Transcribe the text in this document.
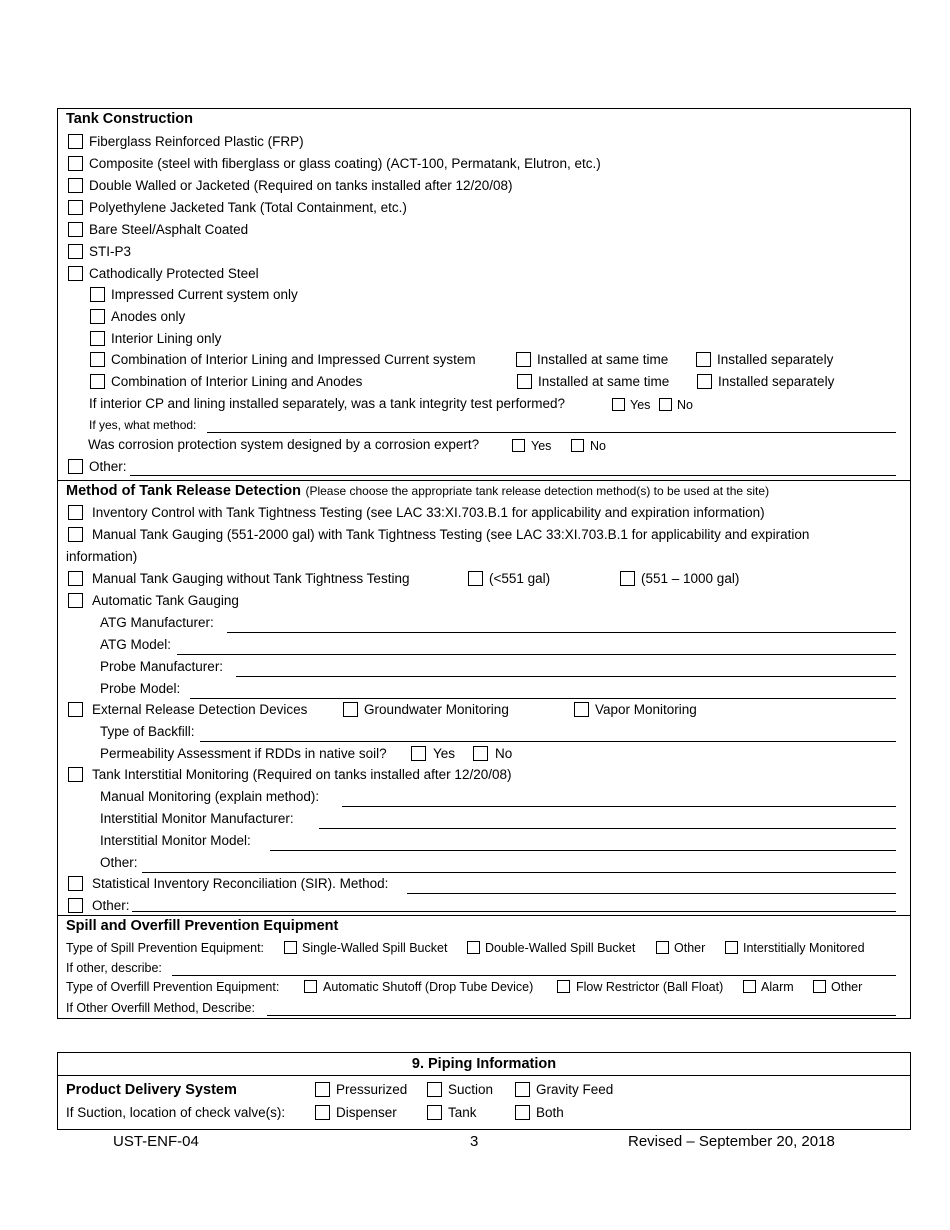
Tank Construction
Fiberglass Reinforced Plastic (FRP)
Composite (steel with fiberglass or glass coating) (ACT-100, Permatank, Elutron, etc.)
Double Walled or Jacketed (Required on tanks installed after 12/20/08)
Polyethylene Jacketed Tank (Total Containment, etc.)
Bare Steel/Asphalt Coated
STI-P3
Cathodically Protected Steel
Impressed Current system only
Anodes only
Interior Lining only
Combination of Interior Lining and Impressed Current system	Installed at same time	Installed separately
Combination of Interior Lining and Anodes	Installed at same time	Installed separately
If interior CP and lining installed separately, was a tank integrity test performed?	Yes No
If yes, what method:
Was corrosion protection system designed by a corrosion expert?	Yes	No
Other:
Method of Tank Release Detection (Please choose the appropriate tank release detection method(s) to be used at the site)
Inventory Control with Tank Tightness Testing (see LAC 33:XI.703.B.1 for applicability and expiration information)
Manual Tank Gauging (551-2000 gal) with Tank Tightness Testing (see LAC 33:XI.703.B.1 for applicability and expiration
information)
Manual Tank Gauging without Tank Tightness Testing	(<551 gal)	(551 – 1000 gal)
Automatic Tank Gauging
ATG Manufacturer:
ATG Model:
Probe Manufacturer:
Probe Model:
External Release Detection Devices	Groundwater Monitoring	Vapor Monitoring
Type of Backfill:
Permeability Assessment if RDDs in native soil?	Yes	No
Tank Interstitial Monitoring (Required on tanks installed after 12/20/08)
Manual Monitoring (explain method):
Interstitial Monitor Manufacturer:
Interstitial Monitor Model:
Other:
Statistical Inventory Reconciliation (SIR). Method:
Other:
Spill and Overfill Prevention Equipment
Type of Spill Prevention Equipment:	Single-Walled Spill Bucket	Double-Walled Spill Bucket	Other	Interstitially Monitored
If other, describe:
Type of Overfill Prevention Equipment:	Automatic Shutoff (Drop Tube Device)	Flow Restrictor (Ball Float)	Alarm	Other
If Other Overfill Method, Describe:
9. Piping Information
Product Delivery System	Pressurized	Suction	Gravity Feed
If Suction, location of check valve(s):	Dispenser	Tank	Both
UST-ENF-04	3	Revised – September 20, 2018
